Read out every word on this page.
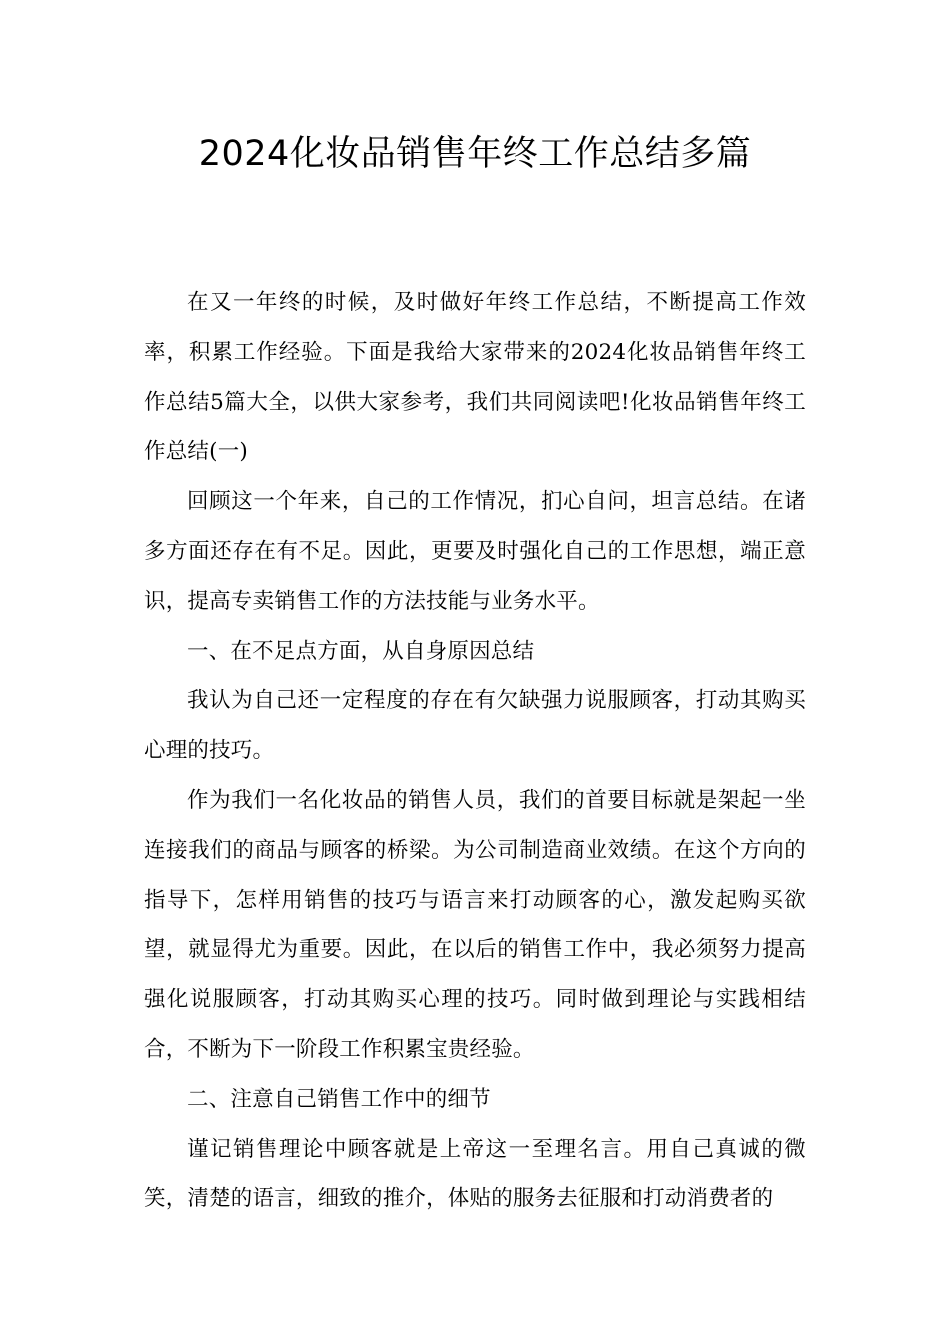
2024化妆品销售年终工作总结多篇

在又一年终的时候，及时做好年终工作总结，不断提高工作效率，积累工作经验。下面是我给大家带来的2024化妆品销售年终工作总结5篇大全，以供大家参考，我们共同阅读吧!化妆品销售年终工作总结(一)

回顾这一个年来，自己的工作情况，扪心自问，坦言总结。在诸多方面还存在有不足。因此，更要及时强化自己的工作思想，端正意识，提高专卖销售工作的方法技能与业务水平。

一、在不足点方面，从自身原因总结

我认为自己还一定程度的存在有欠缺强力说服顾客，打动其购买心理的技巧。

作为我们一名化妆品的销售人员，我们的首要目标就是架起一坐连接我们的商品与顾客的桥梁。为公司制造商业效绩。在这个方向的指导下，怎样用销售的技巧与语言来打动顾客的心，激发起购买欲望，就显得尤为重要。因此，在以后的销售工作中，我必须努力提高强化说服顾客，打动其购买心理的技巧。同时做到理论与实践相结合，不断为下一阶段工作积累宝贵经验。

二、注意自己销售工作中的细节

谨记销售理论中顾客就是上帝这一至理名言。用自己真诚的微笑，清楚的语言，细致的推介，体贴的服务去征服和打动消费者的
